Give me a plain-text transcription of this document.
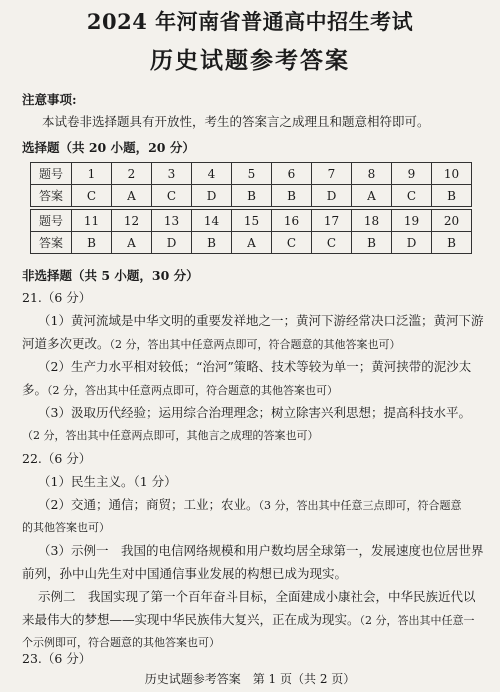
2024 年河南省普通高中招生考试
历史试题参考答案
注意事项:
本试卷非选择题具有开放性，考生的答案言之成理且和题意相符即可。
选择题（共 20 小题，20 分）
题号	1	2	3	4	5	6	7	8	9	10
答案	C	A	C	D	B	B	D	A	C	B
题号	11	12	13	14	15	16	17	18	19	20
答案	B	A	D	B	A	C	C	B	D	B
非选择题（共 5 小题，30 分）
21.（6 分）
（1）黄河流域是中华文明的重要发祥地之一；黄河下游经常决口泛滥；黄河下游
河道多次更改。（2 分，答出其中任意两点即可，符合题意的其他答案也可）
（2）生产力水平相对较低；“治河”策略、技术等较为单一；黄河挟带的泥沙太
多。（2 分，答出其中任意两点即可，符合题意的其他答案也可）
（3）汲取历代经验；运用综合治理理念；树立除害兴利思想；提高科技水平。
（2 分，答出其中任意两点即可，其他言之成理的答案也可）
22.（6 分）
（1）民生主义。（1 分）
（2）交通；通信；商贸；工业；农业。（3 分，答出其中任意三点即可，符合题意
的其他答案也可）
（3）示例一　我国的电信网络规模和用户数均居全球第一，发展速度也位居世界
前列，孙中山先生对中国通信事业发展的构想已成为现实。
示例二　我国实现了第一个百年奋斗目标，全面建成小康社会，中华民族近代以
来最伟大的梦想——实现中华民族伟大复兴，正在成为现实。（2 分，答出其中任意一
个示例即可，符合题意的其他答案也可）
23.（6 分）
历史试题参考答案　第 1 页（共 2 页）
